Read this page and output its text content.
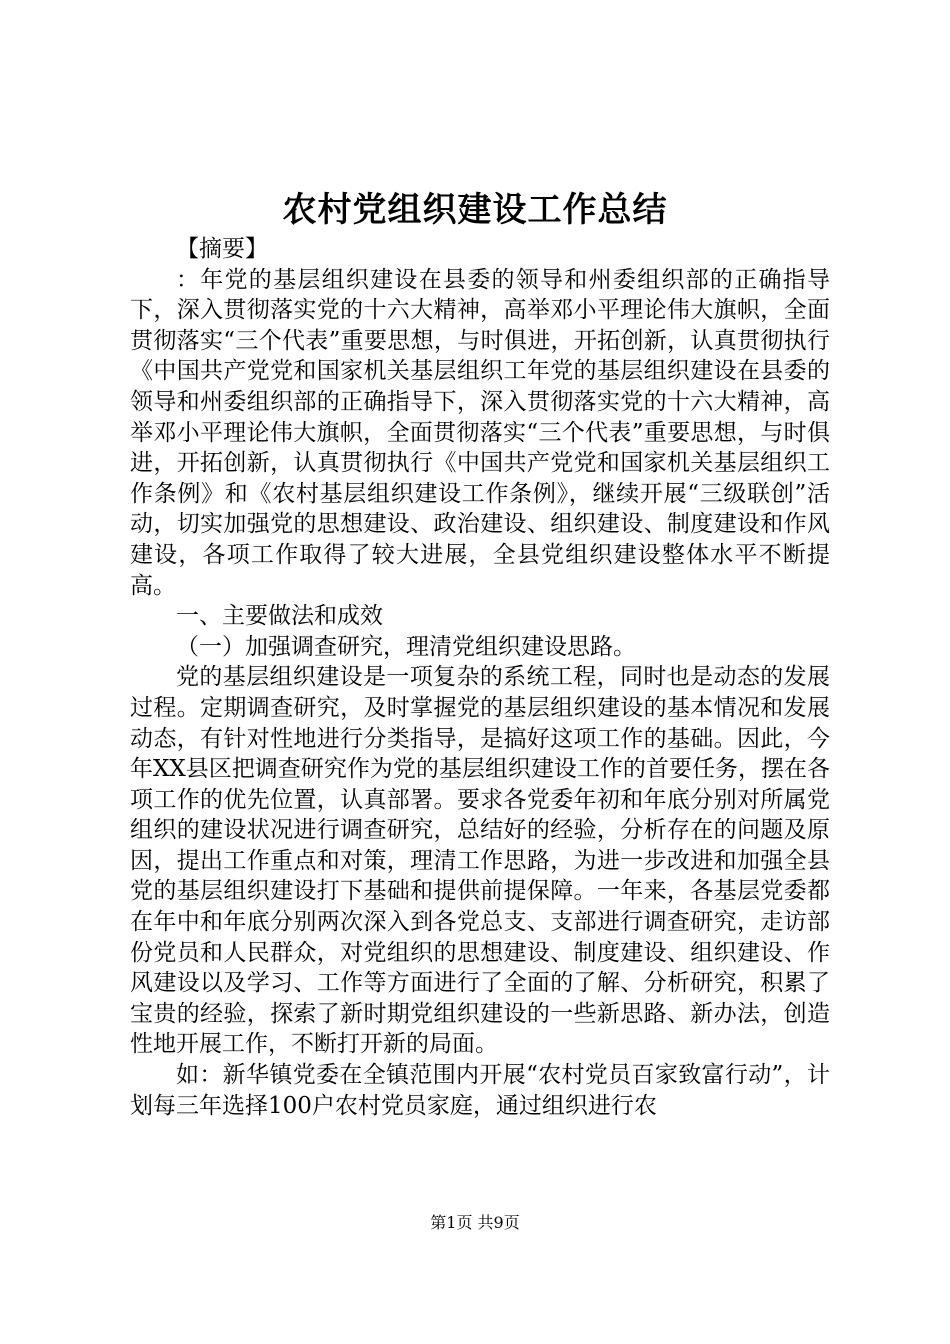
农村党组织建设工作总结

【摘要】

：年党的基层组织建设在县委的领导和州委组织部的正确指导下，深入贯彻落实党的十六大精神，高举邓小平理论伟大旗帜，全面贯彻落实“三个代表”重要思想，与时俱进，开拓创新，认真贯彻执行《中国共产党党和国家机关基层组织工年党的基层组织建设在县委的领导和州委组织部的正确指导下，深入贯彻落实党的十六大精神，高举邓小平理论伟大旗帜，全面贯彻落实“三个代表”重要思想，与时俱进，开拓创新，认真贯彻执行《中国共产党党和国家机关基层组织工作条例》和《农村基层组织建设工作条例》，继续开展“三级联创”活动，切实加强党的思想建设、政治建设、组织建设、制度建设和作风建设，各项工作取得了较大进展，全县党组织建设整体水平不断提高。

一、主要做法和成效

（一）加强调查研究，理清党组织建设思路。

党的基层组织建设是一项复杂的系统工程，同时也是动态的发展过程。定期调查研究，及时掌握党的基层组织建设的基本情况和发展动态，有针对性地进行分类指导，是搞好这项工作的基础。因此，今年XX县区把调查研究作为党的基层组织建设工作的首要任务，摆在各项工作的优先位置，认真部署。要求各党委年初和年底分别对所属党组织的建设状况进行调查研究，总结好的经验，分析存在的问题及原因，提出工作重点和对策，理清工作思路，为进一步改进和加强全县党的基层组织建设打下基础和提供前提保障。一年来，各基层党委都在年中和年底分别两次深入到各党总支、支部进行调查研究，走访部份党员和人民群众，对党组织的思想建设、制度建设、组织建设、作风建设以及学习、工作等方面进行了全面的了解、分析研究，积累了宝贵的经验，探索了新时期党组织建设的一些新思路、新办法，创造性地开展工作，不断打开新的局面。

如：新华镇党委在全镇范围内开展“农村党员百家致富行动”，计划每三年选择100户农村党员家庭，通过组织进行农

第1页 共9页
